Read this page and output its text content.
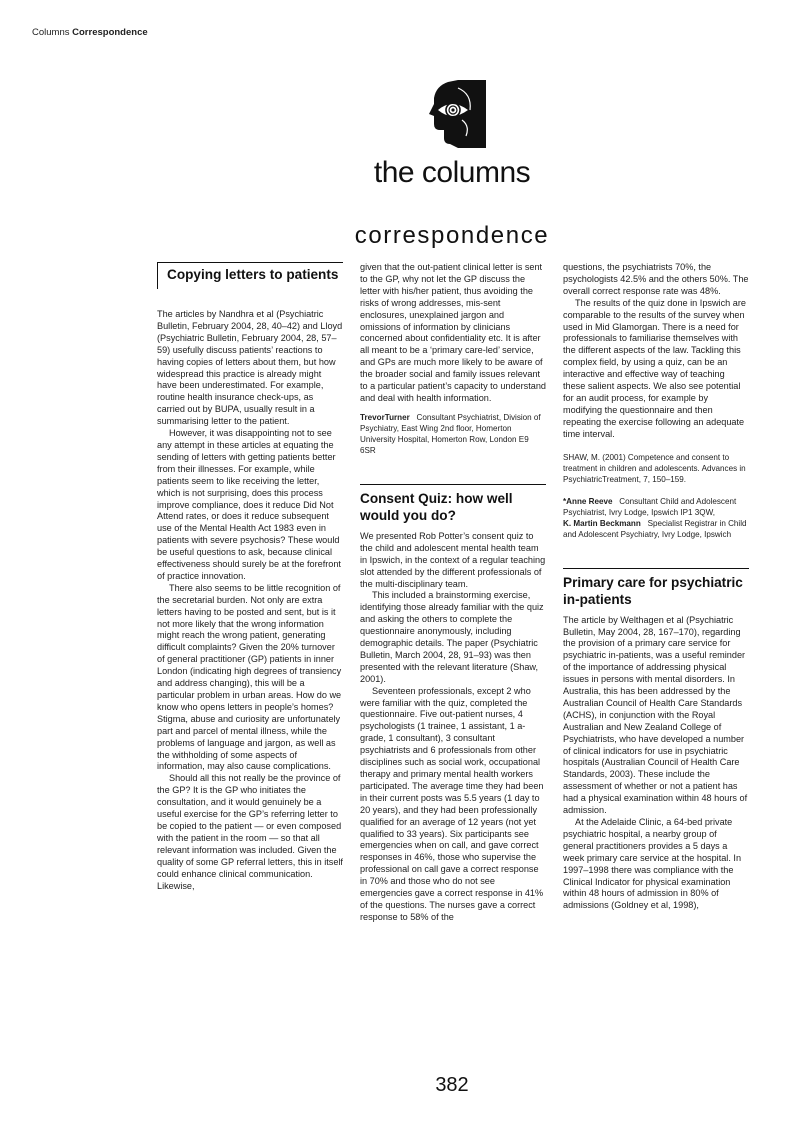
Columns Correspondence
the columns
correspondence
Copying letters to patients

The articles by Nandhra et al (Psychiatric Bulletin, February 2004, 28, 40–42) and Lloyd (Psychiatric Bulletin, February 2004, 28, 57–59) usefully discuss patients’ reactions to having copies of letters about them, but how widespread this practice is already might have been underestimated. For example, routine health insurance check-ups, as carried out by BUPA, usually result in a summarising letter to the patient.

However, it was disappointing not to see any attempt in these articles at equating the sending of letters with getting patients better from their illnesses. For example, while patients seem to like receiving the letter, which is not surprising, does this process improve compliance, does it reduce Did Not Attend rates, or does it reduce subsequent use of the Mental Health Act 1983 even in patients with severe psychosis? These would be useful questions to ask, because clinical effectiveness should surely be at the forefront of practice innovation.

There also seems to be little recognition of the secretarial burden. Not only are extra letters having to be posted and sent, but is it not more likely that the wrong information might reach the wrong patient, generating difficult complaints? Given the 20% turnover of general practitioner (GP) patients in inner London (indicating high degrees of transiency and address changing), this will be a particular problem in urban areas. How do we know who opens letters in people’s homes? Stigma, abuse and curiosity are unfortunately part and parcel of mental illness, while the problems of language and jargon, as well as the withholding of some aspects of information, may also cause complications.

Should all this not really be the province of the GP? It is the GP who initiates the consultation, and it would genuinely be a useful exercise for the GP’s referring letter to be copied to the patient — or even composed with the patient in the room — so that all relevant information was included. Given the quality of some GP referral letters, this in itself could enhance clinical communication. Likewise,

given that the out-patient clinical letter is sent to the GP, why not let the GP discuss the letter with his/her patient, thus avoiding the risks of wrong addresses, mis-sent enclosures, unexplained jargon and omissions of information by clinicians concerned about confidentiality etc. It is after all meant to be a ‘primary care-led’ service, and GPs are much more likely to be aware of the broader social and family issues relevant to a particular patient’s capacity to understand and deal with health information.

TrevorTurner Consultant Psychiatrist, Division of Psychiatry, East Wing 2nd floor, Homerton University Hospital, Homerton Row, London E9 6SR
Consent Quiz: how well would you do?

We presented Rob Potter’s consent quiz to the child and adolescent mental health team in Ipswich, in the context of a regular teaching slot attended by the different professionals of the multi-disciplinary team.

This included a brainstorming exercise, identifying those already familiar with the quiz and asking the others to complete the questionnaire anonymously, including demographic details. The paper (Psychiatric Bulletin, March 2004, 28, 91–93) was then presented with the relevant literature (Shaw, 2001).

Seventeen professionals, except 2 who were familiar with the quiz, completed the questionnaire. Five out-patient nurses, 4 psychologists (1 trainee, 1 assistant, 1 a-grade, 1 consultant), 3 consultant psychiatrists and 6 professionals from other disciplines such as social work, occupational therapy and primary mental health workers participated. The average time they had been in their current posts was 5.5 years (1 day to 20 years), and they had been professionally qualified for an average of 12 years (not yet qualified to 33 years). Six participants see emergencies when on call, and gave correct responses in 46%, those who supervise the professional on call gave a correct response in 70% and those who do not see emergencies gave a correct response in 41% of the questions. The nurses gave a correct response to 58% of the

questions, the psychiatrists 70%, the psychologists 42.5% and the others 50%. The overall correct response rate was 48%.

The results of the quiz done in Ipswich are comparable to the results of the survey when used in Mid Glamorgan. There is a need for professionals to familiarise themselves with the different aspects of the law. Tackling this complex field, by using a quiz, can be an interactive and effective way of teaching these salient aspects. We also see potential for an audit process, for example by modifying the questionnaire and then repeating the exercise following an adequate time interval.

SHAW, M. (2001) Competence and consent to treatment in children and adolescents. Advances in PsychiatricTreatment, 7, 150–159.
*Anne Reeve Consultant Child and Adolescent Psychiatrist, Ivry Lodge, Ipswich IP1 3QW,
K. Martin Beckmann Specialist Registrar in Child and Adolescent Psychiatry, Ivry Lodge, Ipswich
Primary care for psychiatric in-patients

The article by Welthagen et al (Psychiatric Bulletin, May 2004, 28, 167–170), regarding the provision of a primary care service for psychiatric in-patients, was a useful reminder of the importance of addressing physical issues in persons with mental disorders. In Australia, this has been addressed by the Australian Council of Health Care Standards (ACHS), in conjunction with the Royal Australian and New Zealand College of Psychiatrists, who have developed a number of clinical indicators for use in psychiatric hospitals (Australian Council of Health Care Standards, 2003). These include the assessment of whether or not a patient has had a physical examination within 48 hours of admission.

At the Adelaide Clinic, a 64-bed private psychiatric hospital, a nearby group of general practitioners provides a 5 days a week primary care service at the hospital. In 1997–1998 there was compliance with the Clinical Indicator for physical examination within 48 hours of admission in 80% of admissions (Goldney et al, 1998),

382
